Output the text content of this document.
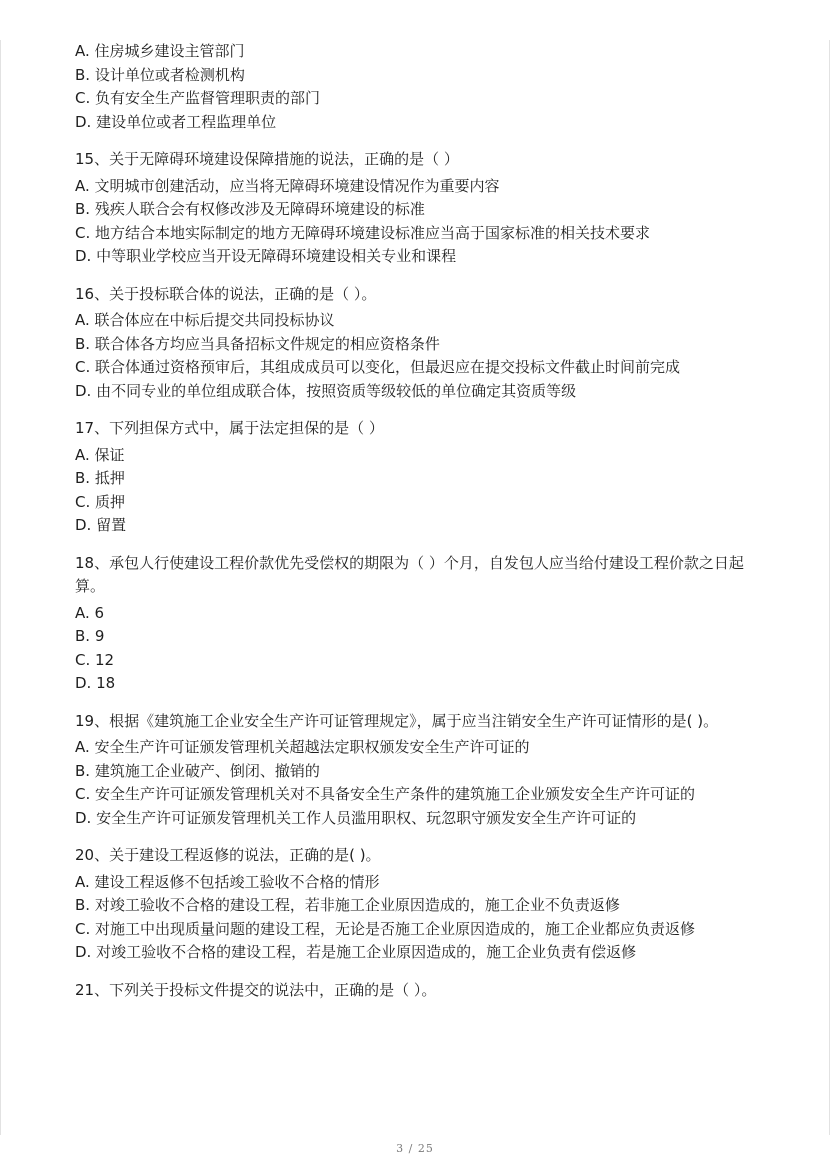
A. 住房城乡建设主管部门

B. 设计单位或者检测机构

C. 负有安全生产监督管理职责的部门

D. 建设单位或者工程监理单位

15、关于无障碍环境建设保障措施的说法，正确的是（ ）

A. 文明城市创建活动，应当将无障碍环境建设情况作为重要内容

B. 残疾人联合会有权修改涉及无障碍环境建设的标准

C. 地方结合本地实际制定的地方无障碍环境建设标准应当高于国家标准的相关技术要求

D. 中等职业学校应当开设无障碍环境建设相关专业和课程

16、关于投标联合体的说法，正确的是（ ）。

A. 联合体应在中标后提交共同投标协议

B. 联合体各方均应当具备招标文件规定的相应资格条件

C. 联合体通过资格预审后，其组成成员可以变化，但最迟应在提交投标文件截止时间前完成

D. 由不同专业的单位组成联合体，按照资质等级较低的单位确定其资质等级

17、下列担保方式中，属于法定担保的是（ ）

A. 保证

B. 抵押

C. 质押

D. 留置

18、承包人行使建设工程价款优先受偿权的期限为（ ）个月，自发包人应当给付建设工程价款之日起算。

A. 6

B. 9

C. 12

D. 18

19、根据《建筑施工企业安全生产许可证管理规定》，属于应当注销安全生产许可证情形的是( )。

A. 安全生产许可证颁发管理机关超越法定职权颁发安全生产许可证的

B. 建筑施工企业破产、倒闭、撤销的

C. 安全生产许可证颁发管理机关对不具备安全生产条件的建筑施工企业颁发安全生产许可证的

D. 安全生产许可证颁发管理机关工作人员滥用职权、玩忽职守颁发安全生产许可证的

20、关于建设工程返修的说法，正确的是( )。

A. 建设工程返修不包括竣工验收不合格的情形

B. 对竣工验收不合格的建设工程，若非施工企业原因造成的，施工企业不负责返修

C. 对施工中出现质量问题的建设工程，无论是否施工企业原因造成的，施工企业都应负责返修

D. 对竣工验收不合格的建设工程，若是施工企业原因造成的，施工企业负责有偿返修

21、下列关于投标文件提交的说法中，正确的是（ ）。

3 / 25
